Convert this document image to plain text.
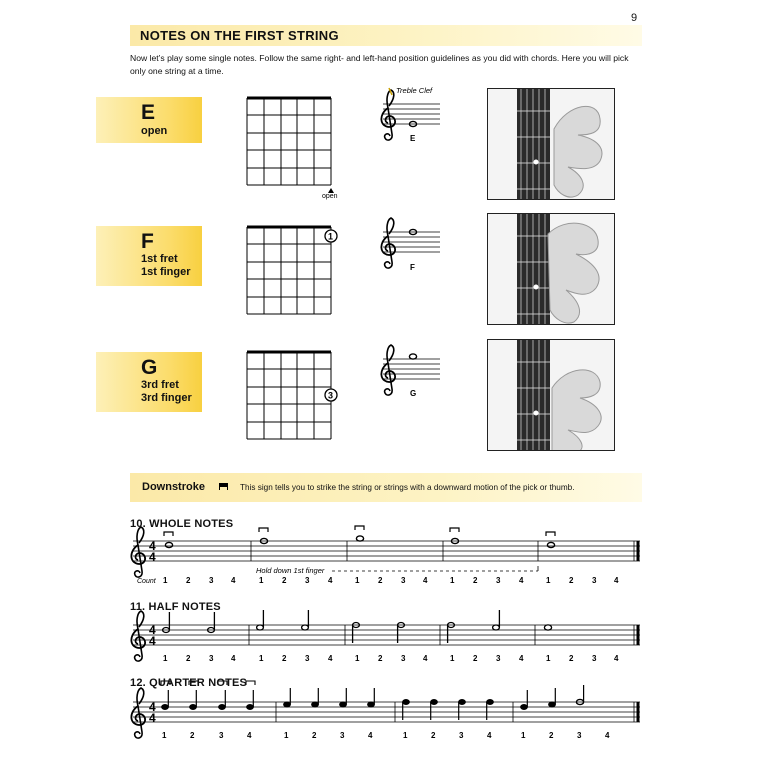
9
NOTES ON THE FIRST STRING
Now let’s play some single notes. Follow the same right- and left-hand position guidelines as you did with chords. Here you will pick only one string at a time.
E
open
F
1st fret
1st finger
G
3rd fret
3rd finger
open
1
3
Treble Clef
E
F
G
4
4
Hold down 1st finger
Count 1 2 3 4	1 2 3 4	1 2 3 4	1 2 3 4	1 2 3 4
4
4
1 2 3 4	1 2 3 4	1 2 3 4	1 2 3 4	1 2 3 4
4
4
1	2	3	4	1	2	3	4	1	2	3	4	1	2	3	4
Downstroke	This sign tells you to strike the string or strings with a downward motion of the pick or thumb.
10. WHOLE NOTES
11. HALF NOTES
12. QUARTER NOTES
